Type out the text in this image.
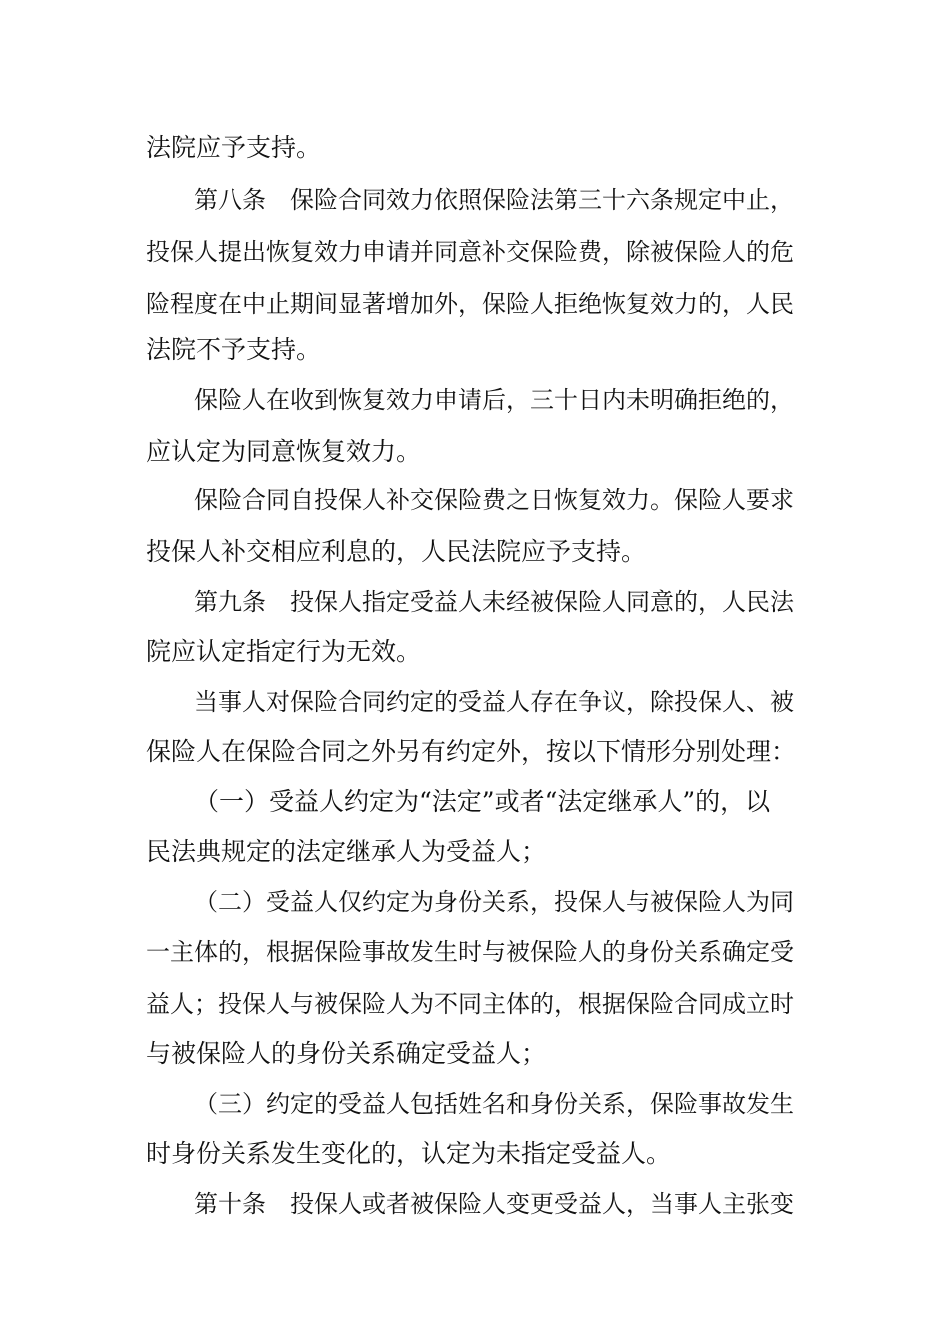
法院应予支持。
第八条　保险合同效力依照保险法第三十六条规定中止，
投保人提出恢复效力申请并同意补交保险费，除被保险人的危
险程度在中止期间显著增加外，保险人拒绝恢复效力的，人民
法院不予支持。
保险人在收到恢复效力申请后，三十日内未明确拒绝的，
应认定为同意恢复效力。
保险合同自投保人补交保险费之日恢复效力。保险人要求
投保人补交相应利息的，人民法院应予支持。
第九条　投保人指定受益人未经被保险人同意的，人民法
院应认定指定行为无效。
当事人对保险合同约定的受益人存在争议，除投保人、被
保险人在保险合同之外另有约定外，按以下情形分别处理：
（一）受益人约定为“法定”或者“法定继承人”的，以
民法典规定的法定继承人为受益人；
（二）受益人仅约定为身份关系，投保人与被保险人为同
一主体的，根据保险事故发生时与被保险人的身份关系确定受
益人；投保人与被保险人为不同主体的，根据保险合同成立时
与被保险人的身份关系确定受益人；
（三）约定的受益人包括姓名和身份关系，保险事故发生
时身份关系发生变化的，认定为未指定受益人。
第十条　投保人或者被保险人变更受益人，当事人主张变
